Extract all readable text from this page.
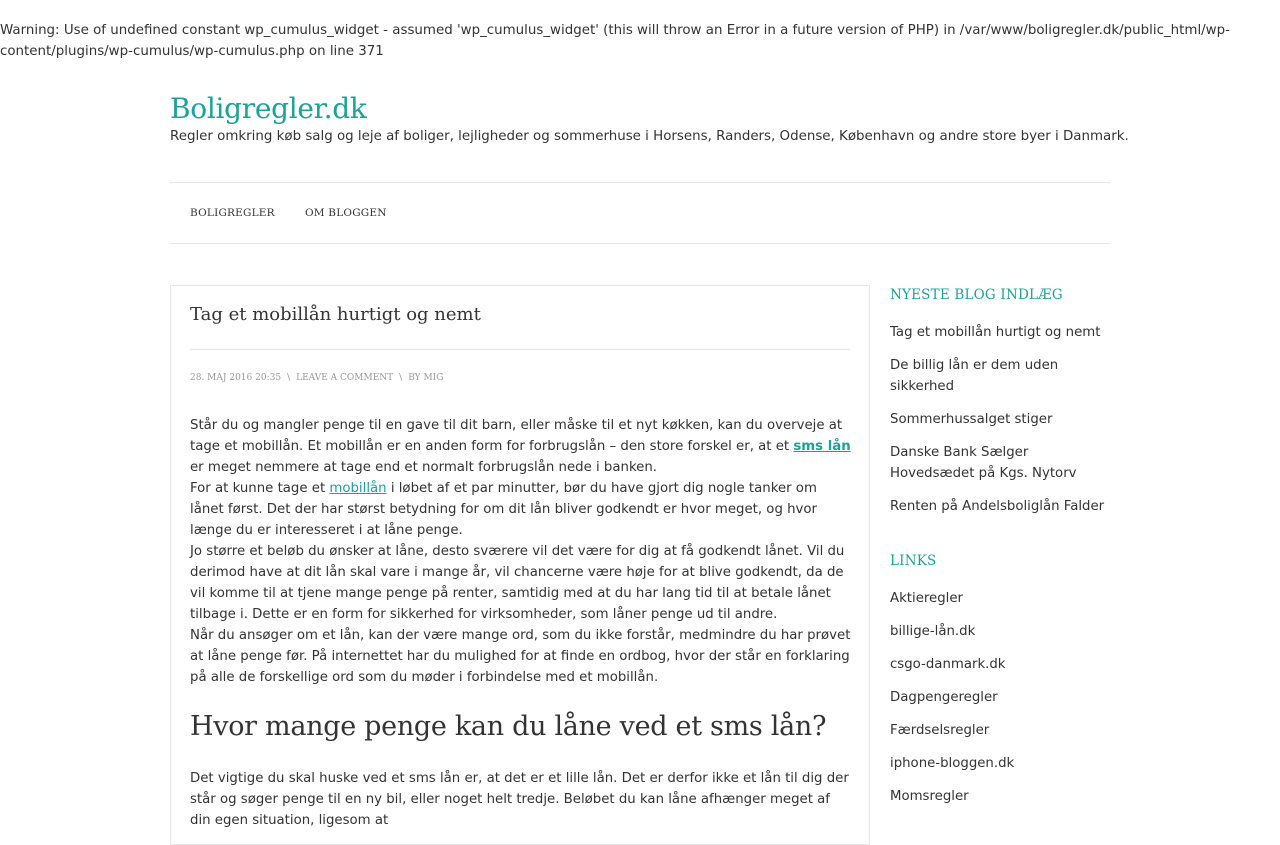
Warning: Use of undefined constant wp_cumulus_widget - assumed 'wp_cumulus_widget' (this will throw an Error in a future version of PHP) in /var/www/boligregler.dk/public_html/wp-content/plugins/wp-cumulus/wp-cumulus.php on line 371
Boligregler.dk
Regler omkring køb salg og leje af boliger, lejligheder og sommerhuse i Horsens, Randers, Odense, København og andre store byer i Danmark.
BOLIGREGLER	OM BLOGGEN
Tag et mobillån hurtigt og nemt
28. MAJ 2016 20:35 \ LEAVE A COMMENT \ BY MIG

Står du og mangler penge til en gave til dit barn, eller måske til et nyt køkken, kan du overveje at tage et mobillån. Et mobillån er en anden form for forbrugslån – den store forskel er, at et sms lån er meget nemmere at tage end et normalt forbrugslån nede i banken.

For at kunne tage et mobillån i løbet af et par minutter, bør du have gjort dig nogle tanker om lånet først. Det der har størst betydning for om dit lån bliver godkendt er hvor meget, og hvor længe du er interesseret i at låne penge.

Jo større et beløb du ønsker at låne, desto sværere vil det være for dig at få godkendt lånet. Vil du derimod have at dit lån skal vare i mange år, vil chancerne være høje for at blive godkendt, da de vil komme til at tjene mange penge på renter, samtidig med at du har lang tid til at betale lånet tilbage i. Dette er en form for sikkerhed for virksomheder, som låner penge ud til andre.

Når du ansøger om et lån, kan der være mange ord, som du ikke forstår, medmindre du har prøvet at låne penge før. På internettet har du mulighed for at finde en ordbog, hvor der står en forklaring på alle de forskellige ord som du møder i forbindelse med et mobillån.

Hvor mange penge kan du låne ved et sms lån?

Det vigtige du skal huske ved et sms lån er, at det er et lille lån. Det er derfor ikke et lån til dig der står og søger penge til en ny bil, eller noget helt tredje. Beløbet du kan låne afhænger meget af din egen situation, ligesom at

NYESTE BLOG INDLÆG
Tag et mobillån hurtigt og nemt
De billig lån er dem uden sikkerhed
Sommerhussalget stiger
Danske Bank Sælger Hovedsædet på Kgs. Nytorv
Renten på Andelsboliglån Falder
LINKS
Aktieregler
billige-lån.dk
csgo-danmark.dk
Dagpengeregler
Færdselsregler
iphone-bloggen.dk
Momsregler
